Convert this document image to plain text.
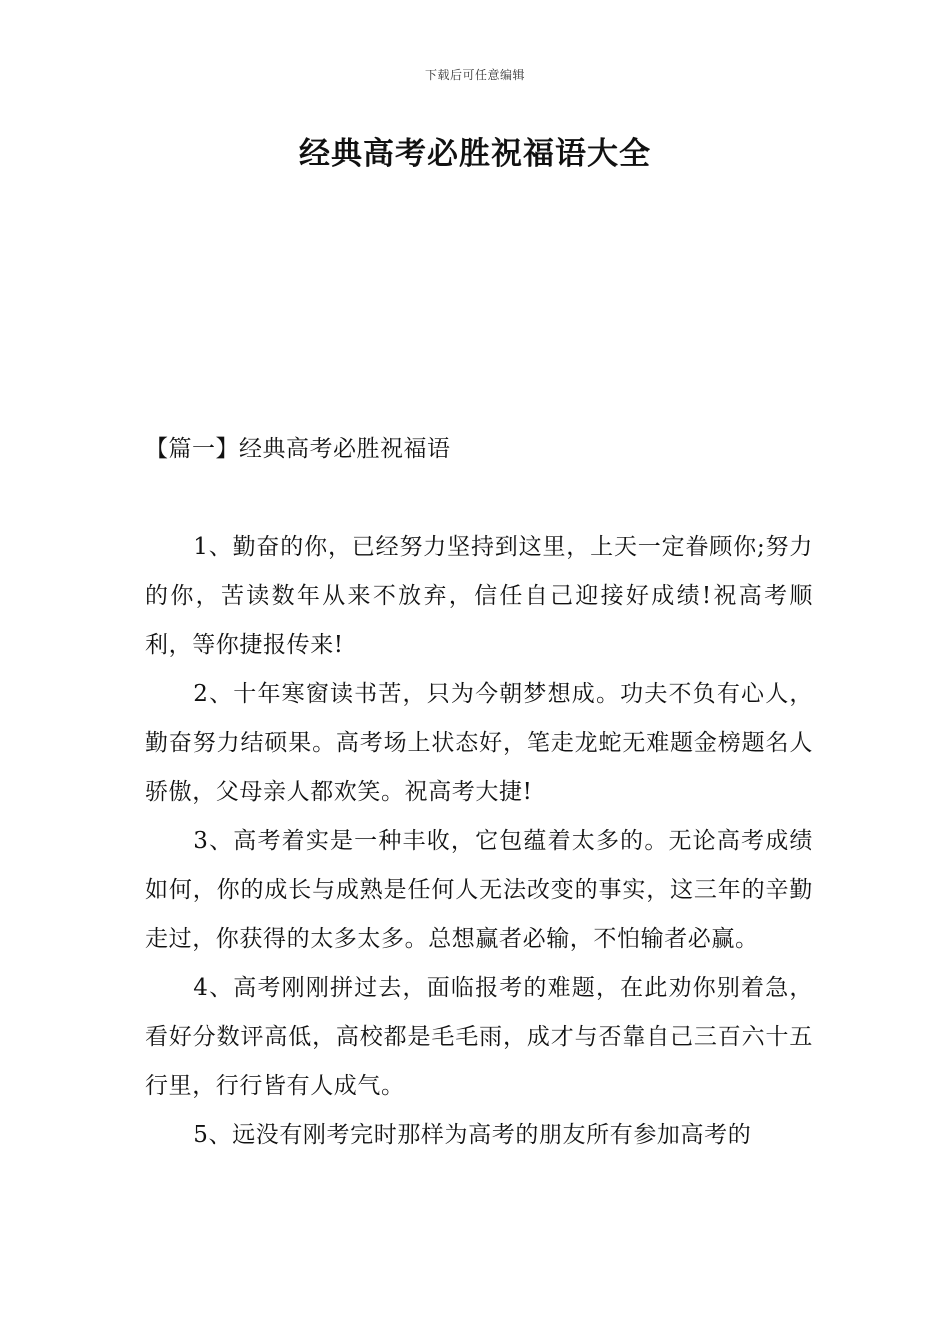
下载后可任意编辑
经典高考必胜祝福语大全
【篇一】经典高考必胜祝福语

1、勤奋的你，已经努力坚持到这里，上天一定眷顾你;努力的你，苦读数年从来不放弃，信任自己迎接好成绩!祝高考顺利，等你捷报传来!

2、十年寒窗读书苦，只为今朝梦想成。功夫不负有心人，勤奋努力结硕果。高考场上状态好，笔走龙蛇无难题金榜题名人骄傲，父母亲人都欢笑。祝高考大捷!

3、高考着实是一种丰收，它包蕴着太多的。无论高考成绩如何，你的成长与成熟是任何人无法改变的事实，这三年的辛勤走过，你获得的太多太多。总想赢者必输，不怕输者必赢。

4、高考刚刚拼过去，面临报考的难题，在此劝你别着急，看好分数评高低，高校都是毛毛雨，成才与否靠自己三百六十五行里，行行皆有人成气。

5、远没有刚考完时那样为高考的朋友所有参加高考的
